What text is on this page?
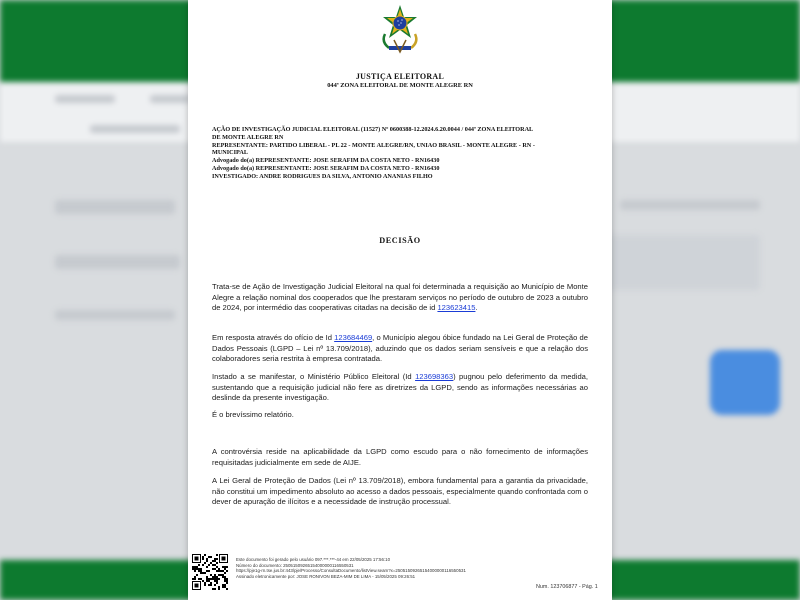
JUSTIÇA ELEITORAL
044ª ZONA ELEITORAL DE MONTE ALEGRE RN
AÇÃO DE INVESTIGAÇÃO JUDICIAL ELEITORAL (11527) Nº 0600388-12.2024.6.20.0044 / 044ª ZONA ELEITORAL
DE MONTE ALEGRE RN
REPRESENTANTE: PARTIDO LIBERAL - PL 22 - MONTE ALEGRE/RN, UNIAO BRASIL - MONTE ALEGRE - RN -
MUNICIPAL
Advogado do(a) REPRESENTANTE: JOSE SERAFIM DA COSTA NETO - RN16430
Advogado do(a) REPRESENTANTE: JOSE SERAFIM DA COSTA NETO - RN16430
INVESTIGADO: ANDRE RODRIGUES DA SILVA, ANTONIO ANANIAS FILHO
DECISÃO

Trata-se de Ação de Investigação Judicial Eleitoral na qual foi determinada a requisição ao Município de Monte Alegre a relação nominal dos cooperados que lhe prestaram serviços no período de outubro de 2023 a outubro de 2024, por intermédio das cooperativas citadas na decisão de id 123623415.

Em resposta através do ofício de Id 123684469, o Município alegou óbice fundado na Lei Geral de Proteção de Dados Pessoais (LGPD – Lei nº 13.709/2018), aduzindo que os dados seriam sensíveis e que a relação dos colaboradores seria restrita à empresa contratada.

Instado a se manifestar, o Ministério Público Eleitoral (Id 123698363) pugnou pelo deferimento da medida, sustentando que a requisição judicial não fere as diretrizes da LGPD, sendo as informações necessárias ao deslinde da presente investigação.

É o brevíssimo relatório.

A controvérsia reside na aplicabilidade da LGPD como escudo para o não fornecimento de informações requisitadas judicialmente em sede de AIJE.

A Lei Geral de Proteção de Dados (Lei nº 13.709/2018), embora fundamental para a garantia da privacidade, não constitui um impedimento absoluto ao acesso a dados pessoais, especialmente quando confrontada com o dever de apuração de ilícitos e a necessidade de instrução processual.

Este documento foi gerado pelo usuário 097.***.***-44 em 22/05/2025 17:56:10
Número do documento: 25051509265154000000116550531
https://pje1g-rn.tse.jus.br:443/pje/Processo/ConsultaDocumento/listView.seam?x=25051509265154000000116550531
Assinado eletronicamente por: JOSE RONIVON BEZA-MIM DE LIMA - 15/05/2025 09:26:51
Num. 123706877 - Pág. 1
